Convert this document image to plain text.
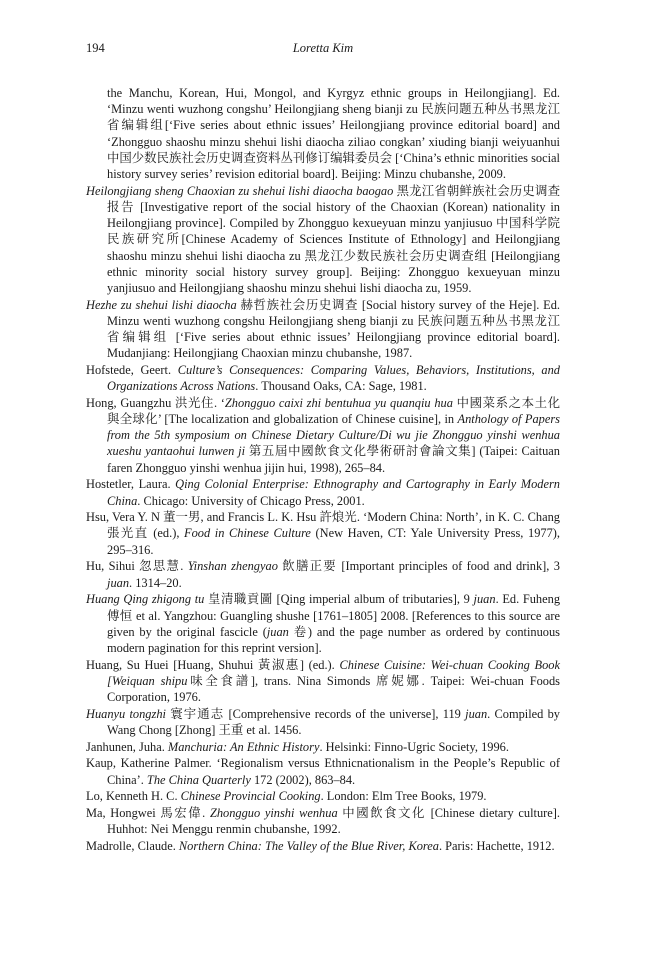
194	Loretta Kim

the Manchu, Korean, Hui, Mongol, and Kyrgyz ethnic groups in Heilongjiang]. Ed. ‘Minzu wenti wuzhong congshu’ Heilongjiang sheng bianji zu 民族问题五种丛书黑龙江省编辑组[‘Five series about ethnic issues’ Heilongjiang province editorial board] and ‘Zhongguo shaoshu minzu shehui lishi diaocha ziliao congkan’ xiuding bianji weiyuanhui 中国少数民族社会历史调查资料丛刊修订编辑委员会 [‘China’s ethnic minorities social history survey series’ revision editorial board]. Beijing: Minzu chubanshe, 2009.

Heilongjiang sheng Chaoxian zu shehui lishi diaocha baogao 黑龙江省朝鲜族社会历史调查报告 [Investigative report of the social history of the Chaoxian (Korean) nationality in Heilongjiang province]. Compiled by Zhongguo kexueyuan minzu yanjiusuo 中国科学院民族研究所[Chinese Academy of Sciences Institute of Ethnology] and Heilongjiang shaoshu minzu shehui lishi diaocha zu 黑龙江少数民族社会历史调查组 [Heilongjiang ethnic minority social history survey group]. Beijing: Zhongguo kexueyuan minzu yanjiusuo and Heilongjiang shaoshu minzu shehui lishi diaocha zu, 1959.

Hezhe zu shehui lishi diaocha 赫哲族社会历史调查 [Social history survey of the Heje]. Ed. Minzu wenti wuzhong congshu Heilongjiang sheng bianji zu 民族问题五种丛书黑龙江省编辑组 [‘Five series about ethnic issues’ Heilongjiang province editorial board]. Mudanjiang: Heilongjiang Chaoxian minzu chubanshe, 1987.

Hofstede, Geert. Culture’s Consequences: Comparing Values, Behaviors, Institutions, and Organizations Across Nations. Thousand Oaks, CA: Sage, 1981.

Hong, Guangzhu 洪光住. ‘Zhongguo caixi zhi bentuhua yu quanqiu hua 中國菜系之本土化與全球化’ [The localization and globalization of Chinese cuisine], in Anthology of Papers from the 5th symposium on Chinese Dietary Culture/Di wu jie Zhongguo yinshi wenhua xueshu yantaohui lunwen ji 第五屆中國飲食文化學術研討會論文集] (Taipei: Caituan faren Zhongguo yinshi wenhua jijin hui, 1998), 265–84.

Hostetler, Laura. Qing Colonial Enterprise: Ethnography and Cartography in Early Modern China. Chicago: University of Chicago Press, 2001.

Hsu, Vera Y. N 董一男, and Francis L. K. Hsu 許烺光. ‘Modern China: North’, in K. C. Chang 張光直 (ed.), Food in Chinese Culture (New Haven, CT: Yale University Press, 1977), 295–316.

Hu, Sihui 忽思慧. Yinshan zhengyao 飲膳正要 [Important principles of food and drink], 3 juan. 1314–20.

Huang Qing zhigong tu 皇清職貢圖 [Qing imperial album of tributaries], 9 juan. Ed. Fuheng 傅恒 et al. Yangzhou: Guangling shushe [1761–1805] 2008. [References to this source are given by the original fascicle (juan 卷) and the page number as ordered by continuous modern pagination for this reprint version].

Huang, Su Huei [Huang, Shuhui 黃淑惠] (ed.). Chinese Cuisine: Wei-chuan Cooking Book [Weiquan shipu味全食譜], trans. Nina Simonds 席妮娜. Taipei: Wei-chuan Foods Corporation, 1976.

Huanyu tongzhi 寰宇通志 [Comprehensive records of the universe], 119 juan. Compiled by Wang Chong [Zhong] 王重 et al. 1456.

Janhunen, Juha. Manchuria: An Ethnic History. Helsinki: Finno-Ugric Society, 1996.

Kaup, Katherine Palmer. ‘Regionalism versus Ethnicnationalism in the People’s Republic of China’. The China Quarterly 172 (2002), 863–84.

Lo, Kenneth H. C. Chinese Provincial Cooking. London: Elm Tree Books, 1979.

Ma, Hongwei 馬宏偉. Zhongguo yinshi wenhua 中國飲食文化 [Chinese dietary culture]. Huhhot: Nei Menggu renmin chubanshe, 1992.

Madrolle, Claude. Northern China: The Valley of the Blue River, Korea. Paris: Hachette, 1912.
